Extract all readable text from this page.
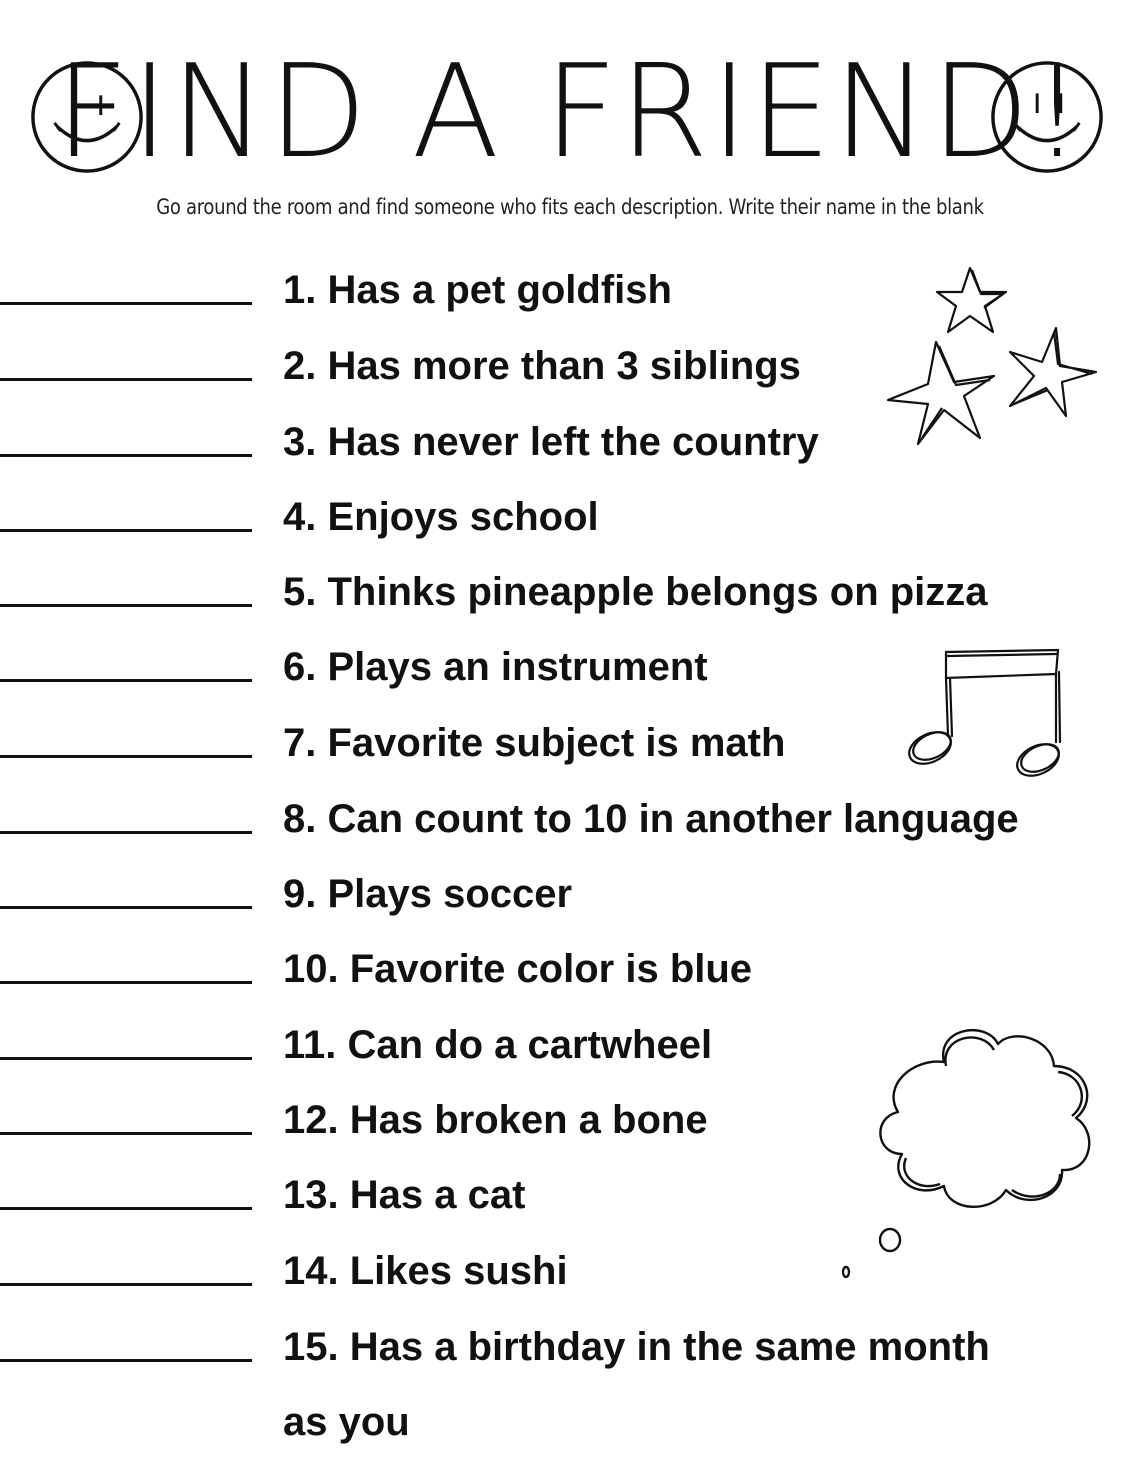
FIND A FRIEND!
Go around the room and find someone who fits each description. Write their name in the blank
1. Has a pet goldfish
2. Has more than 3 siblings
3. Has never left the country
4. Enjoys school
5. Thinks pineapple belongs on pizza
6. Plays an instrument
7. Favorite subject is math
8. Can count to 10 in another language
9. Plays soccer
10. Favorite color is blue
11. Can do a cartwheel
12. Has broken a bone
13. Has a cat
14. Likes sushi
15. Has a birthday in the same month
as you
